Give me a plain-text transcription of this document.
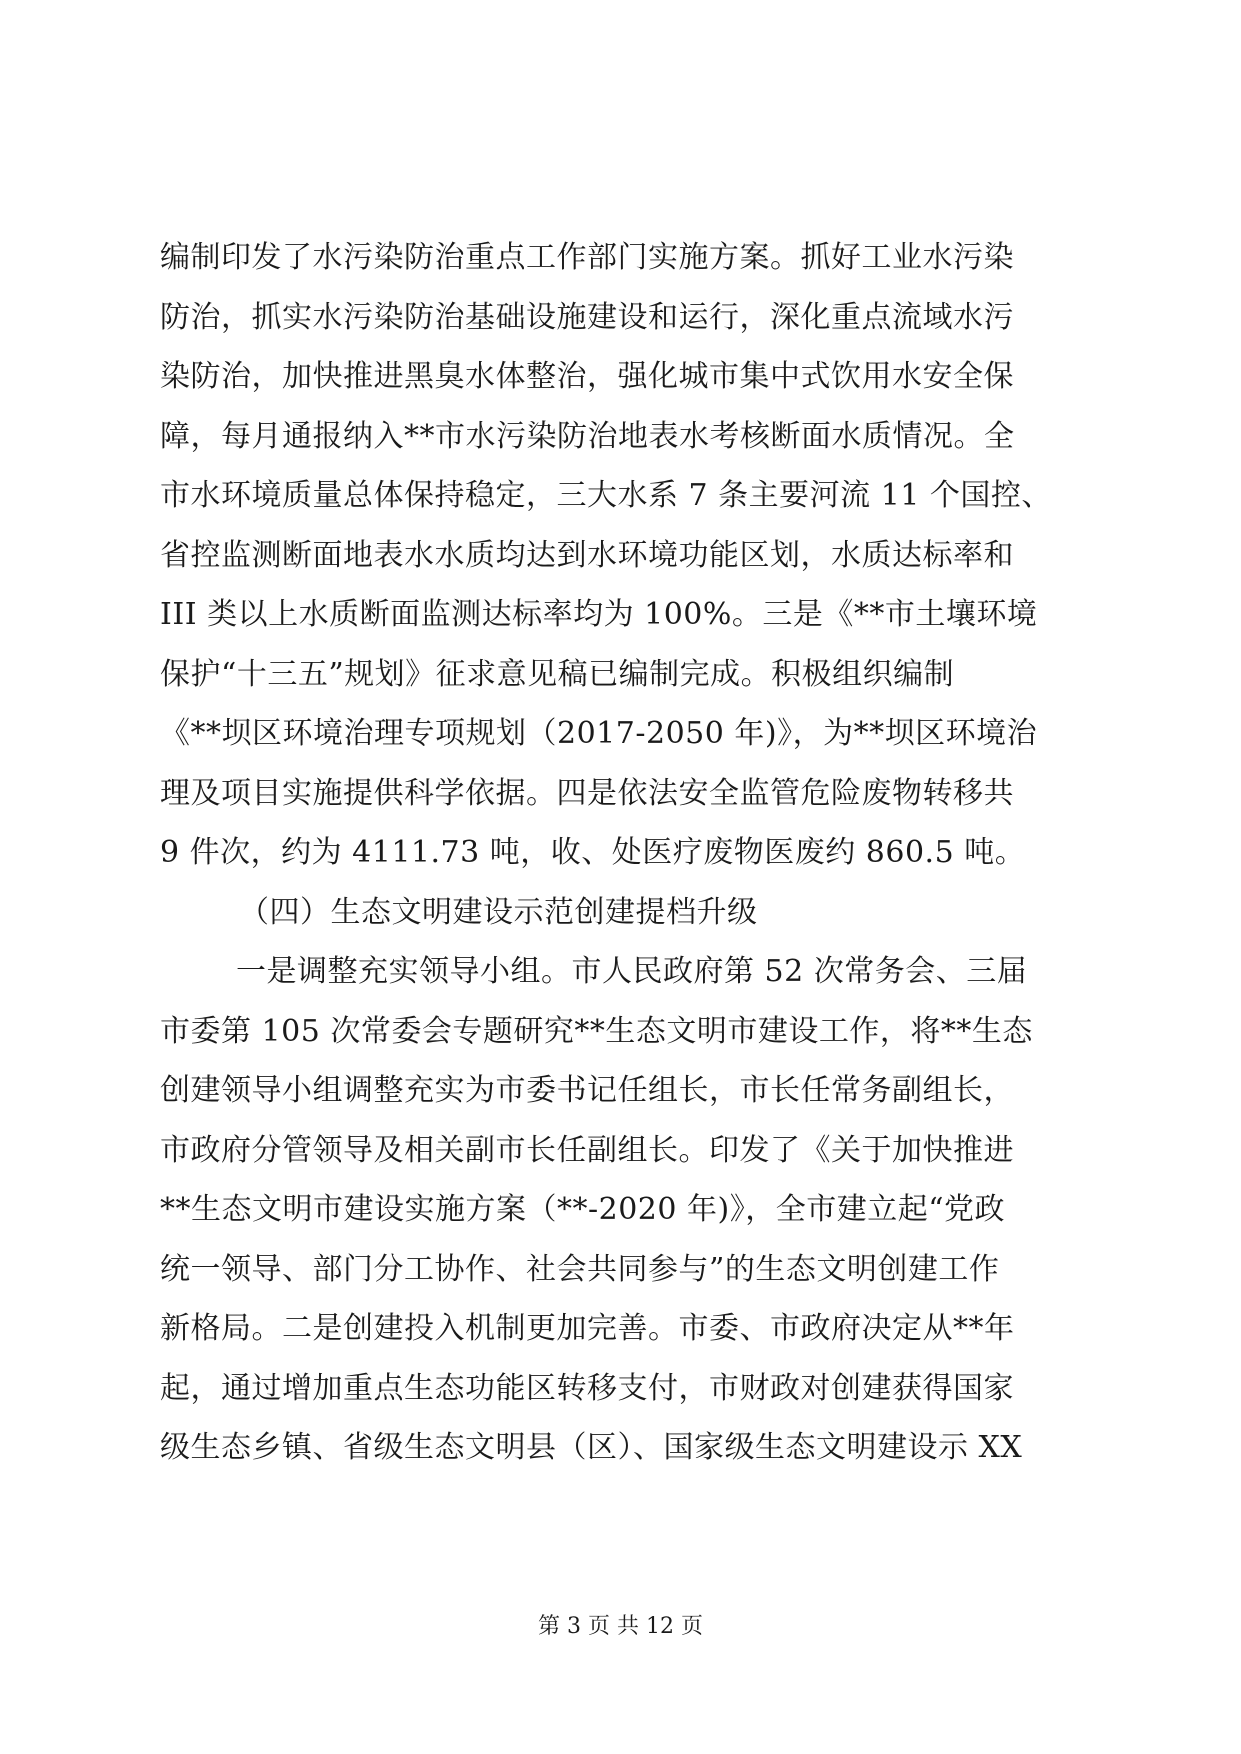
编制印发了水污染防治重点工作部门实施方案。抓好工业水污染
防治，抓实水污染防治基础设施建设和运行，深化重点流域水污
染防治，加快推进黑臭水体整治，强化城市集中式饮用水安全保
障，每月通报纳入**市水污染防治地表水考核断面水质情况。全
市水环境质量总体保持稳定，三大水系 7 条主要河流 11 个国控、
省控监测断面地表水水质均达到水环境功能区划，水质达标率和
III 类以上水质断面监测达标率均为 100%。三是《**市土壤环境
保护“十三五”规划》征求意见稿已编制完成。积极组织编制
《**坝区环境治理专项规划（2017-2050 年)》，为**坝区环境治
理及项目实施提供科学依据。四是依法安全监管危险废物转移共
9 件次，约为 4111.73 吨，收、处医疗废物医废约 860.5 吨。
（四）生态文明建设示范创建提档升级
一是调整充实领导小组。市人民政府第 52 次常务会、三届
市委第 105 次常委会专题研究**生态文明市建设工作，将**生态
创建领导小组调整充实为市委书记任组长，市长任常务副组长，
市政府分管领导及相关副市长任副组长。印发了《关于加快推进
**生态文明市建设实施方案（**-2020 年)》，全市建立起“党政
统一领导、部门分工协作、社会共同参与”的生态文明创建工作
新格局。二是创建投入机制更加完善。市委、市政府决定从**年
起，通过增加重点生态功能区转移支付，市财政对创建获得国家
级生态乡镇、省级生态文明县（区）、国家级生态文明建设示 XX
第 3 页 共 12 页
